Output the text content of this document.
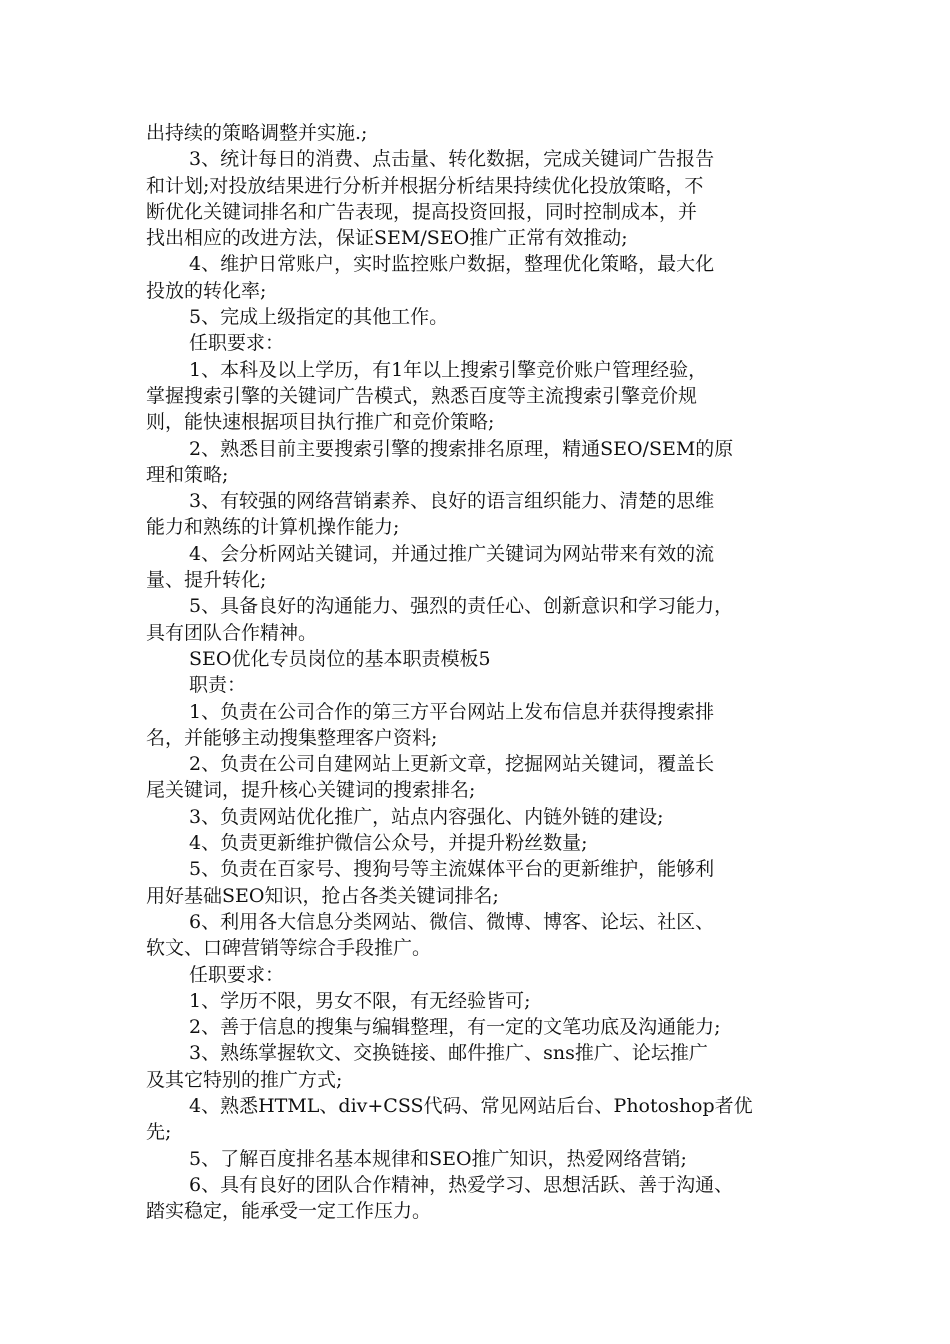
出持续的策略调整并实施.;
3、统计每日的消费、点击量、转化数据，完成关键词广告报告
和计划;对投放结果进行分析并根据分析结果持续优化投放策略，不
断优化关键词排名和广告表现，提高投资回报，同时控制成本，并
找出相应的改进方法，保证SEM/SEO推广正常有效推动;
4、维护日常账户，实时监控账户数据，整理优化策略，最大化
投放的转化率;
5、完成上级指定的其他工作。
任职要求：
1、本科及以上学历，有1年以上搜索引擎竞价账户管理经验，
掌握搜索引擎的关键词广告模式，熟悉百度等主流搜索引擎竞价规
则，能快速根据项目执行推广和竞价策略;
2、熟悉目前主要搜索引擎的搜索排名原理，精通SEO/SEM的原
理和策略;
3、有较强的网络营销素养、良好的语言组织能力、清楚的思维
能力和熟练的计算机操作能力;
4、会分析网站关键词，并通过推广关键词为网站带来有效的流
量、提升转化;
5、具备良好的沟通能力、强烈的责任心、创新意识和学习能力，
具有团队合作精神。
SEO优化专员岗位的基本职责模板5
职责：
1、负责在公司合作的第三方平台网站上发布信息并获得搜索排
名，并能够主动搜集整理客户资料;
2、负责在公司自建网站上更新文章，挖掘网站关键词，覆盖长
尾关键词，提升核心关键词的搜索排名;
3、负责网站优化推广，站点内容强化、内链外链的建设;
4、负责更新维护微信公众号，并提升粉丝数量;
5、负责在百家号、搜狗号等主流媒体平台的更新维护，能够利
用好基础SEO知识，抢占各类关键词排名;
6、利用各大信息分类网站、微信、微博、博客、论坛、社区、
软文、口碑营销等综合手段推广。
任职要求：
1、学历不限，男女不限，有无经验皆可;
2、善于信息的搜集与编辑整理，有一定的文笔功底及沟通能力;
3、熟练掌握软文、交换链接、邮件推广、sns推广、论坛推广
及其它特别的推广方式;
4、熟悉HTML、div+CSS代码、常见网站后台、Photoshop者优
先;
5、了解百度排名基本规律和SEO推广知识，热爱网络营销;
6、具有良好的团队合作精神，热爱学习、思想活跃、善于沟通、
踏实稳定，能承受一定工作压力。
